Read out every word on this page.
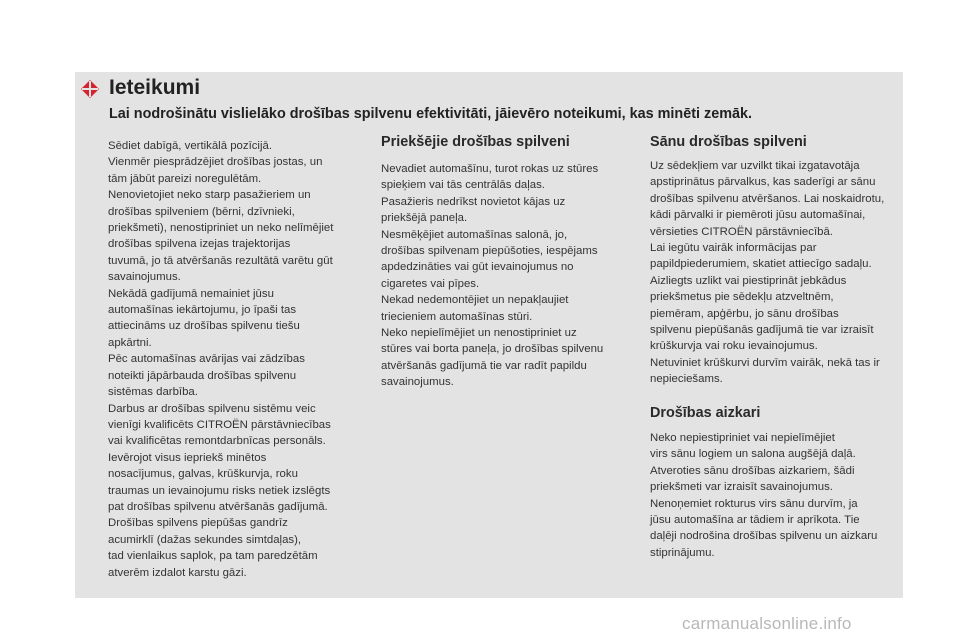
Ieteikumi
Lai nodrošinātu vislielāko drošības spilvenu efektivitāti, jāievēro noteikumi, kas minēti zemāk.

Sēdiet dabīgā, vertikālā pozīcijā.

Vienmēr piesprādzējiet drošības jostas, un

tām jābūt pareizi noregulētām.

Nenovietojiet neko starp pasažieriem un

drošības spilveniem (bērni, dzīvnieki,

priekšmeti), nenostipriniet un neko nelīmējiet

drošības spilvena izejas trajektorijas

tuvumā, jo tā atvēršanās rezultātā varētu gūt

savainojumus.

Nekādā gadījumā nemainiet jūsu

automašīnas iekārtojumu, jo īpaši tas

attiecināms uz drošības spilvenu tiešu

apkārtni.

Pēc automašīnas avārijas vai zādzības

noteikti jāpārbauda drošības spilvenu

sistēmas darbība.

Darbus ar drošības spilvenu sistēmu veic

vienīgi kvalificēts CITROËN pārstāvniecības

vai kvalificētas remontdarbnīcas personāls.

Ievērojot visus iepriekš minētos

nosacījumus, galvas, krūškurvja, roku

traumas un ievainojumu risks netiek izslēgts

pat drošības spilvenu atvēršanās gadījumā.

Drošības spilvens piepūšas gandrīz

acumirklī (dažas sekundes simtdaļas),

tad vienlaikus saplok, pa tam paredzētām

atverēm izdalot karstu gāzi.

Priekšējie drošības spilveni

Nevadiet automašīnu, turot rokas uz stūres

spieķiem vai tās centrālās daļas.

Pasažieris nedrīkst novietot kājas uz

priekšējā paneļa.

Nesmēķējiet automašīnas salonā, jo,

drošības spilvenam piepūšoties, iespējams

apdedzināties vai gūt ievainojumus no

cigaretes vai pīpes.

Nekad nedemontējiet un nepakļaujiet

triecieniem automašīnas stūri.

Neko nepielīmējiet un nenostipriniet uz

stūres vai borta paneļa, jo drošības spilvenu

atvēršanās gadījumā tie var radīt papildu

savainojumus.

Sānu drošības spilveni

Uz sēdekļiem var uzvilkt tikai izgatavotāja

apstiprinātus pārvalkus, kas saderīgi ar sānu

drošības spilvenu atvēršanos. Lai noskaidrotu,

kādi pārvalki ir piemēroti jūsu automašīnai,

vērsieties CITROËN pārstāvniecībā.

Lai iegūtu vairāk informācijas par

papildpiederumiem, skatiet attiecīgo sadaļu.

Aizliegts uzlikt vai piestiprināt jebkādus

priekšmetus pie sēdekļu atzveltnēm,

piemēram, apģērbu, jo sānu drošības

spilvenu piepūšanās gadījumā tie var izraisīt

krūškurvja vai roku ievainojumus.

Netuviniet krūškurvi durvīm vairāk, nekā tas ir

nepieciešams.

Drošības aizkari

Neko nepiestipriniet vai nepielīmējiet

virs sānu logiem un salona augšējā daļā.

Atveroties sānu drošības aizkariem, šādi

priekšmeti var izraisīt savainojumus.

Nenoņemiet rokturus virs sānu durvīm, ja

jūsu automašīna ar tādiem ir aprīkota. Tie

daļēji nodrošina drošības spilvenu un aizkaru

stiprinājumu.

carmanualsonline.info
